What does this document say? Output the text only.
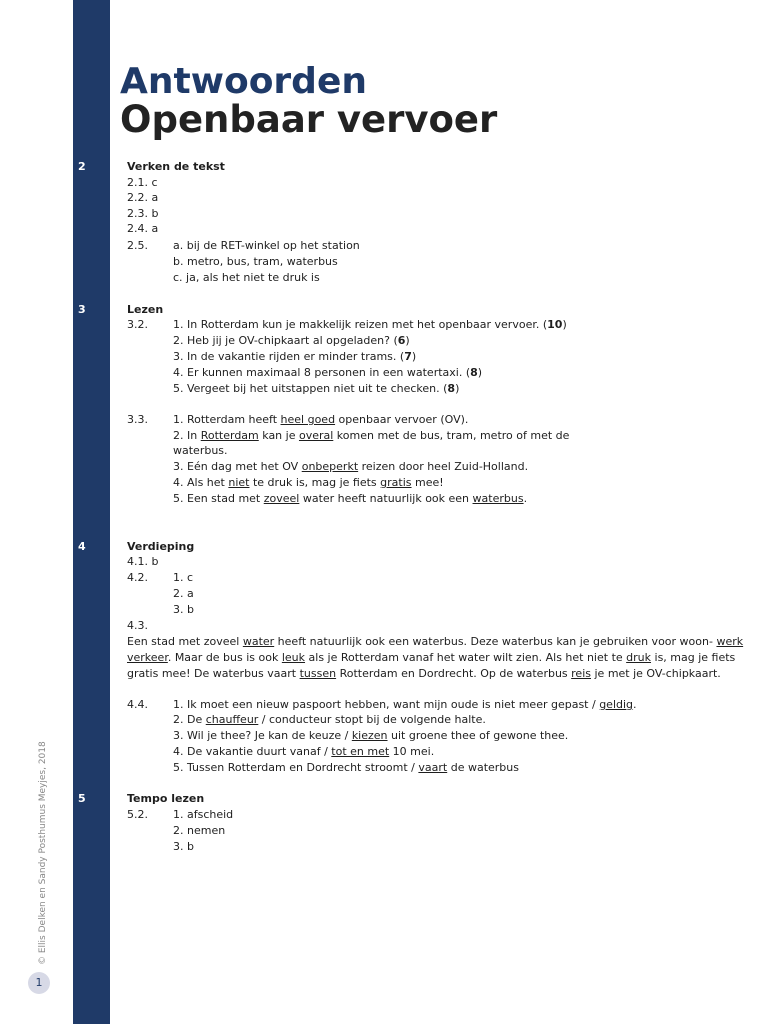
Antwoorden
Openbaar vervoer
2	Verken de tekst
2.1. c
2.2. a
2.3. b
2.4. a
2.5. a. bij de RET-winkel op het station
b. metro, bus, tram, waterbus
c. ja, als het niet te druk is
3	Lezen
3.2. 1. In Rotterdam kun je makkelijk reizen met het openbaar vervoer. (10)
2. Heb jij je OV-chipkaart al opgeladen? (6)
3. In de vakantie rijden er minder trams. (7)
4. Er kunnen maximaal 8 personen in een watertaxi. (8)
5. Vergeet bij het uitstappen niet uit te checken. (8)
3.3. 1. Rotterdam heeft heel goed openbaar vervoer (OV).
2. In Rotterdam kan je overal komen met de bus, tram, metro of met de
waterbus.
3. Eén dag met het OV onbeperkt reizen door heel Zuid-Holland.
4. Als het niet te druk is, mag je fiets gratis mee!
5. Een stad met zoveel water heeft natuurlijk ook een waterbus.
4	Verdieping
4.1. b
4.2. 1. c
2. a
3. b
4.3.
Een stad met zoveel water heeft natuurlijk ook een waterbus. Deze waterbus kan je gebruiken voor woon- werk
verkeer. Maar de bus is ook leuk als je Rotterdam vanaf het water wilt zien. Als het niet te druk is, mag je fiets
gratis mee! De waterbus vaart tussen Rotterdam en Dordrecht. Op de waterbus reis je met je OV-chipkaart.
4.4. 1. Ik moet een nieuw paspoort hebben, want mijn oude is niet meer gepast / geldig.
2. De chauffeur / conducteur stopt bij de volgende halte.
3. Wil je thee? Je kan de keuze / kiezen uit groene thee of gewone thee.
4. De vakantie duurt vanaf / tot en met 10 mei.
5. Tussen Rotterdam en Dordrecht stroomt / vaart de waterbus
5	Tempo lezen
5.2. 1. afscheid
2. nemen
3. b
© Ellis Delken en Sandy Posthumus Meyjes, 2018
1
